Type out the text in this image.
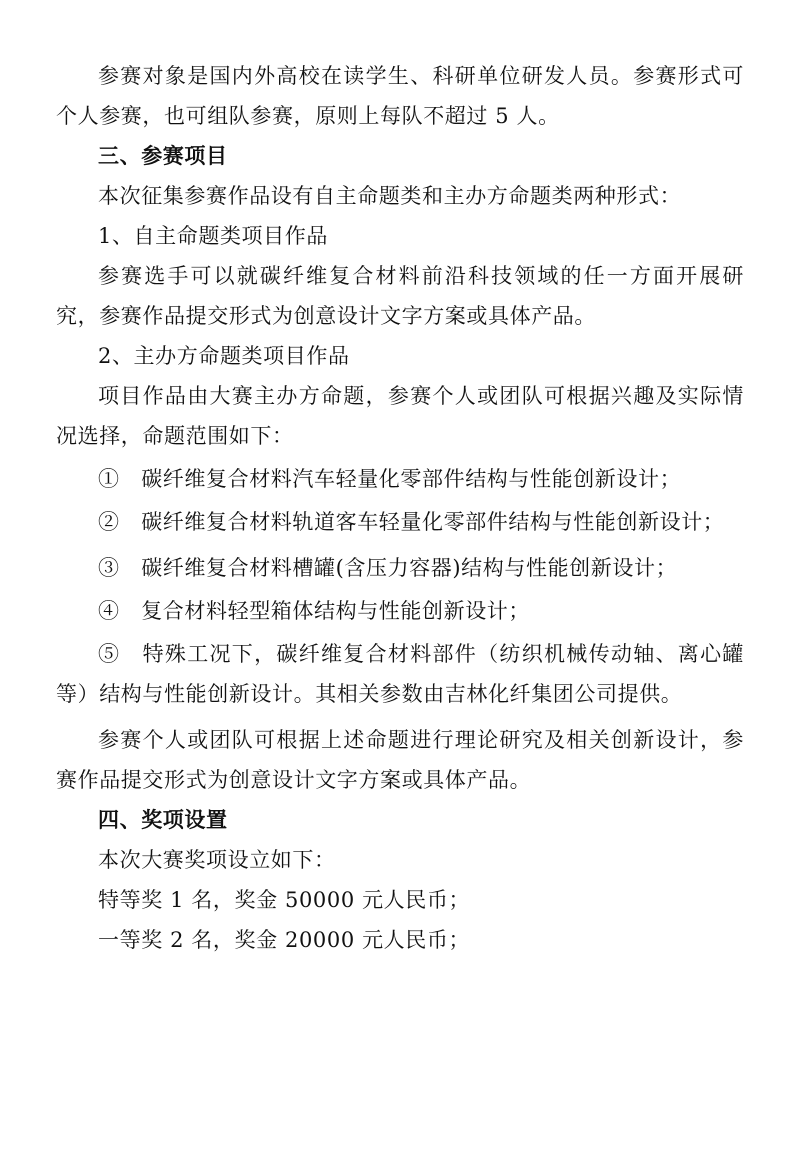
参赛对象是国内外高校在读学生、科研单位研发人员。参赛形式可个人参赛，也可组队参赛，原则上每队不超过 5 人。

三、参赛项目

本次征集参赛作品设有自主命题类和主办方命题类两种形式：

1、自主命题类项目作品

参赛选手可以就碳纤维复合材料前沿科技领域的任一方面开展研究，参赛作品提交形式为创意设计文字方案或具体产品。

2、主办方命题类项目作品

项目作品由大赛主办方命题，参赛个人或团队可根据兴趣及实际情况选择，命题范围如下：

①　碳纤维复合材料汽车轻量化零部件结构与性能创新设计；

②　碳纤维复合材料轨道客车轻量化零部件结构与性能创新设计；

③　碳纤维复合材料槽罐(含压力容器)结构与性能创新设计；

④　复合材料轻型箱体结构与性能创新设计；

⑤　特殊工况下，碳纤维复合材料部件（纺织机械传动轴、离心罐等）结构与性能创新设计。其相关参数由吉林化纤集团公司提供。

参赛个人或团队可根据上述命题进行理论研究及相关创新设计，参赛作品提交形式为创意设计文字方案或具体产品。

四、奖项设置

本次大赛奖项设立如下：

特等奖 1 名，奖金 50000 元人民币；

一等奖 2 名，奖金 20000 元人民币；
